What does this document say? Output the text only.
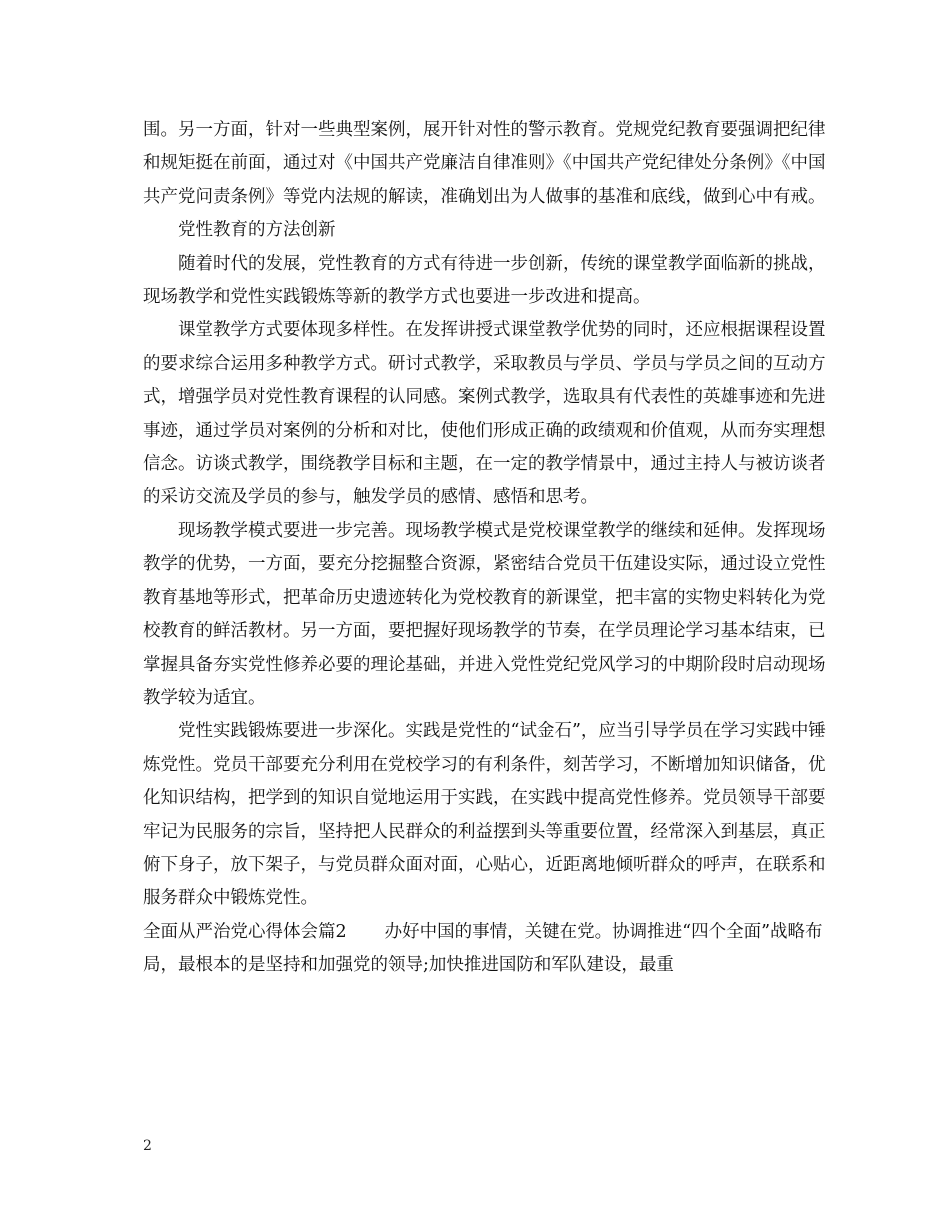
围。另一方面，针对一些典型案例，展开针对性的警示教育。党规党纪教育要强调把纪律和规矩挺在前面，通过对《中国共产党廉洁自律准则》《中国共产党纪律处分条例》《中国共产党问责条例》等党内法规的解读，准确划出为人做事的基准和底线，做到心中有戒。

党性教育的方法创新

随着时代的发展，党性教育的方式有待进一步创新，传统的课堂教学面临新的挑战，现场教学和党性实践锻炼等新的教学方式也要进一步改进和提高。

课堂教学方式要体现多样性。在发挥讲授式课堂教学优势的同时，还应根据课程设置的要求综合运用多种教学方式。研讨式教学，采取教员与学员、学员与学员之间的互动方式，增强学员对党性教育课程的认同感。案例式教学，选取具有代表性的英雄事迹和先进事迹，通过学员对案例的分析和对比，使他们形成正确的政绩观和价值观，从而夯实理想信念。访谈式教学，围绕教学目标和主题，在一定的教学情景中，通过主持人与被访谈者的采访交流及学员的参与，触发学员的感情、感悟和思考。

现场教学模式要进一步完善。现场教学模式是党校课堂教学的继续和延伸。发挥现场教学的优势，一方面，要充分挖掘整合资源，紧密结合党员干伍建设实际，通过设立党性教育基地等形式，把革命历史遗迹转化为党校教育的新课堂，把丰富的实物史料转化为党校教育的鲜活教材。另一方面，要把握好现场教学的节奏，在学员理论学习基本结束，已掌握具备夯实党性修养必要的理论基础，并进入党性党纪党风学习的中期阶段时启动现场教学较为适宜。

党性实践锻炼要进一步深化。实践是党性的“试金石”，应当引导学员在学习实践中锤炼党性。党员干部要充分利用在党校学习的有利条件，刻苦学习，不断增加知识储备，优化知识结构，把学到的知识自觉地运用于实践，在实践中提高党性修养。党员领导干部要牢记为民服务的宗旨，坚持把人民群众的利益摆到头等重要位置，经常深入到基层，真正俯下身子，放下架子，与党员群众面对面，心贴心，近距离地倾听群众的呼声，在联系和服务群众中锻炼党性。

全面从严治党心得体会篇2 办好中国的事情，关键在党。协调推进“四个全面”战略布局，最根本的是坚持和加强党的领导;加快推进国防和军队建设，最重

2
